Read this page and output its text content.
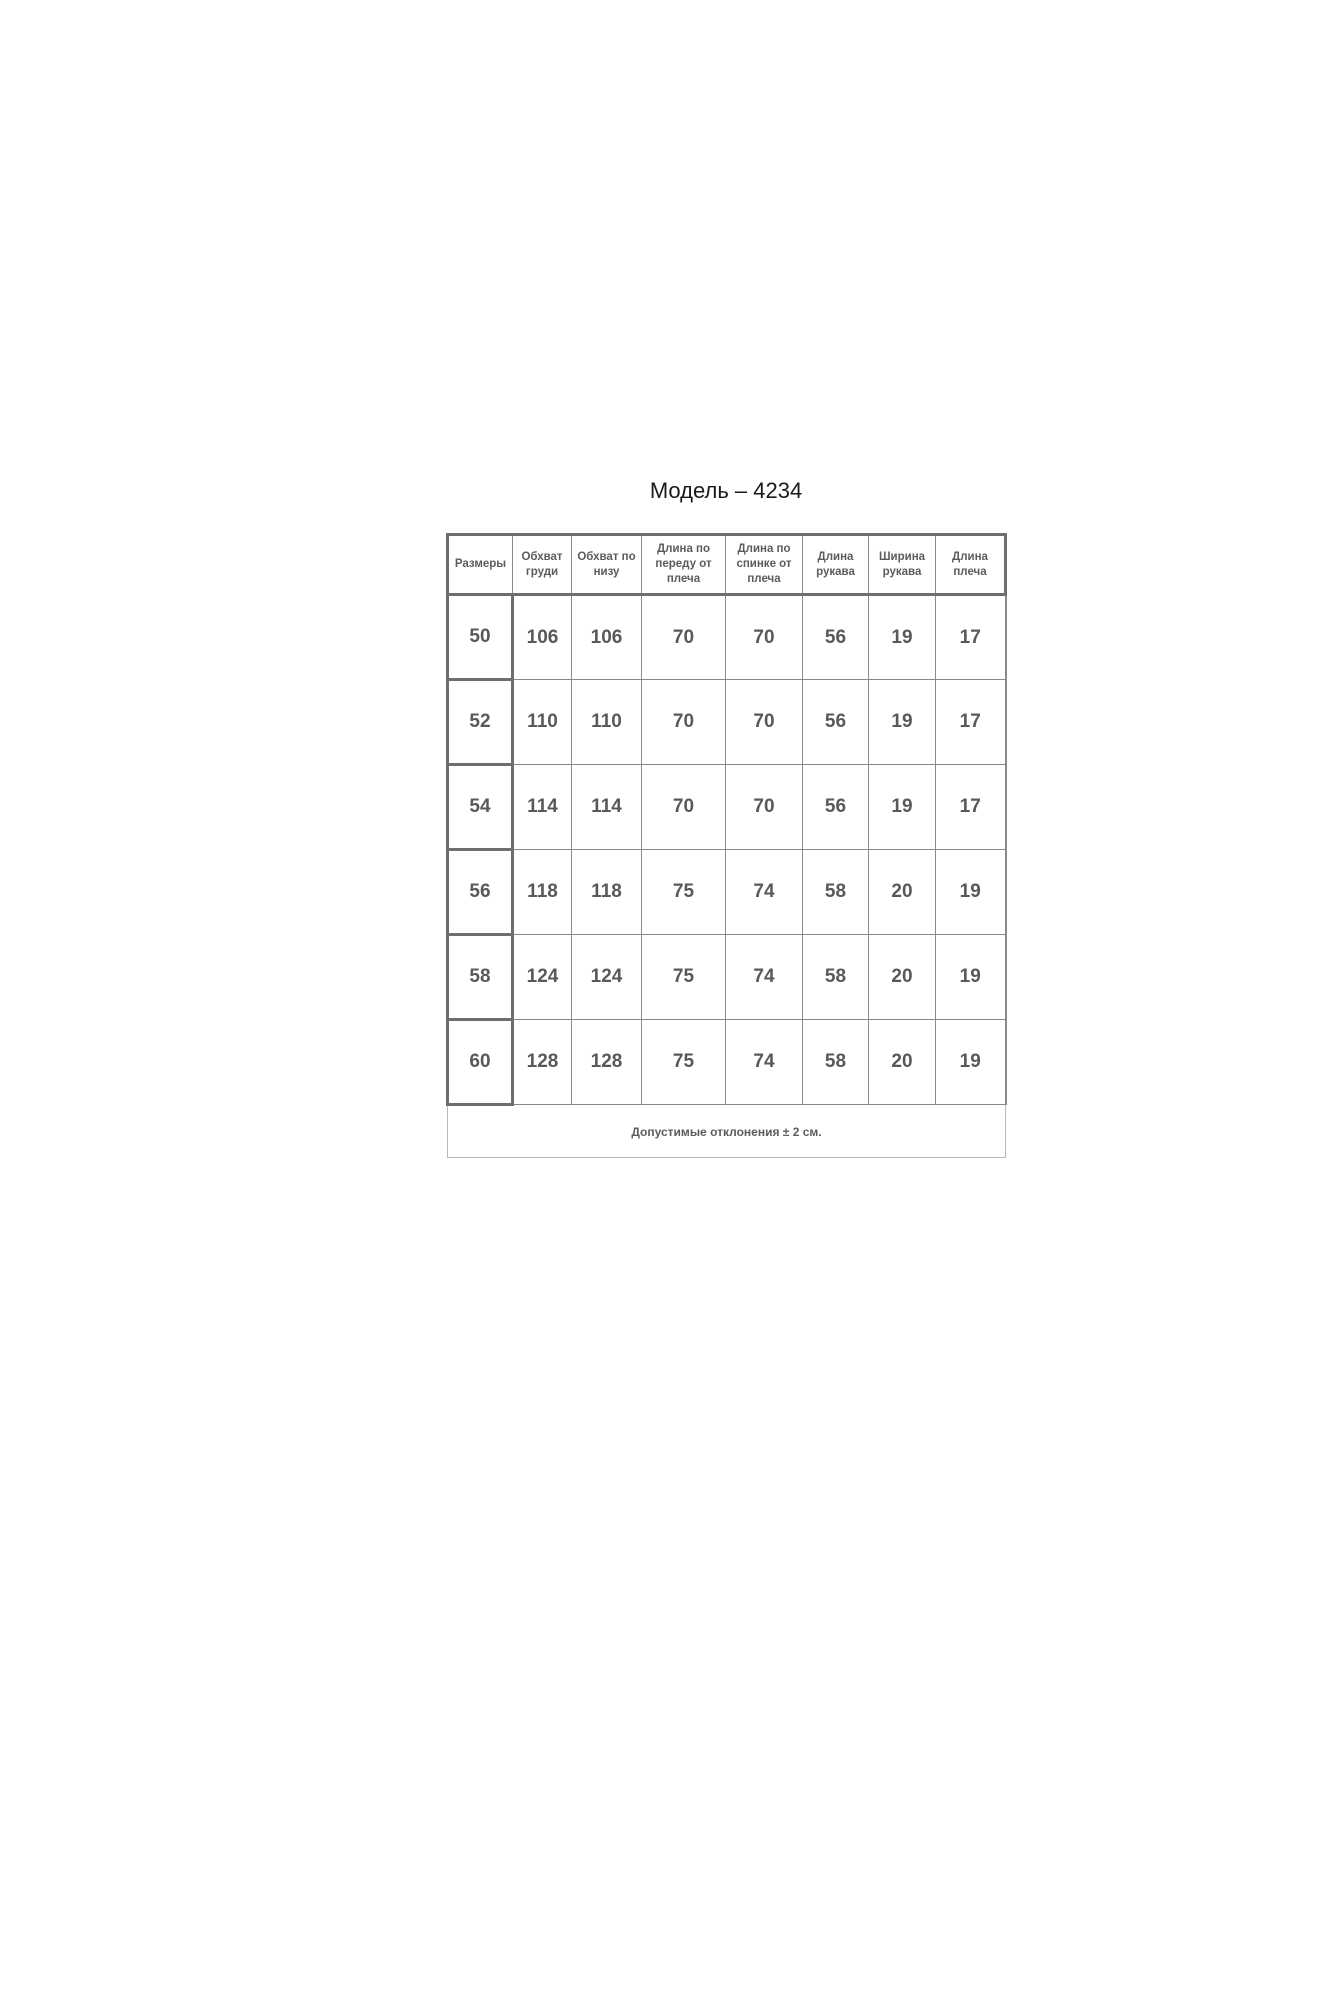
Модель – 4234
Размеры	Обхват груди	Обхват по низу	Длина по переду от плеча	Длина по спинке от плеча	Длина рукава	Ширина рукава	Длина плеча
50	106	106	70	70	56	19	17
52	110	110	70	70	56	19	17
54	114	114	70	70	56	19	17
56	118	118	75	74	58	20	19
58	124	124	75	74	58	20	19
60	128	128	75	74	58	20	19
Допустимые отклонения ± 2 см.							
